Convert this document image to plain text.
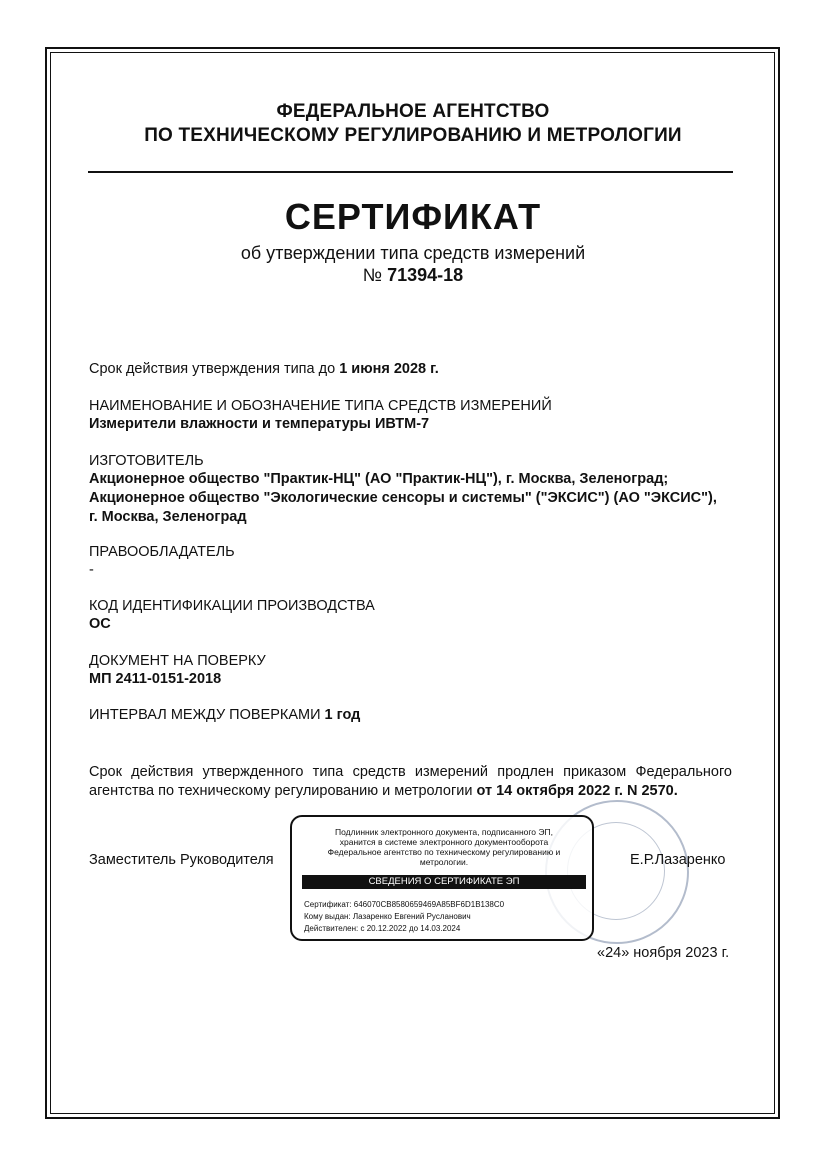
ФЕДЕРАЛЬНОЕ АГЕНТСТВО
ПО ТЕХНИЧЕСКОМУ РЕГУЛИРОВАНИЮ И МЕТРОЛОГИИ
СЕРТИФИКАТ
об утверждении типа средств измерений
№ 71394-18
Срок действия утверждения типа до 1 июня 2028 г.
НАИМЕНОВАНИЕ И ОБОЗНАЧЕНИЕ ТИПА СРЕДСТВ ИЗМЕРЕНИЙ
Измерители влажности и температуры ИВТМ-7
ИЗГОТОВИТЕЛЬ
Акционерное общество "Практик-НЦ" (АО "Практик-НЦ"), г. Москва, Зеленоград;
Акционерное общество "Экологические сенсоры и системы" ("ЭКСИС") (АО "ЭКСИС"),
г. Москва, Зеленоград
ПРАВООБЛАДАТЕЛЬ
-
КОД ИДЕНТИФИКАЦИИ ПРОИЗВОДСТВА
ОС
ДОКУМЕНТ НА ПОВЕРКУ
МП 2411-0151-2018
ИНТЕРВАЛ МЕЖДУ ПОВЕРКАМИ 1 год
Срок действия утвержденного типа средств измерений продлен приказом Федерального агентства по техническому регулированию и метрологии от 14 октября 2022 г. N 2570.
Заместитель Руководителя
Подлинник электронного документа, подписанного ЭП,
хранится в системе электронного документооборота
Федеральное агентство по техническому регулированию и
метрологии.
СВЕДЕНИЯ О СЕРТИФИКАТЕ ЭП
Сертификат: 646070CB8580659469A85BF6D1B138C0
Кому выдан: Лазаренко Евгений Русланович
Действителен: с 20.12.2022 до 14.03.2024
Е.Р.Лазаренко
«24» ноября 2023 г.
